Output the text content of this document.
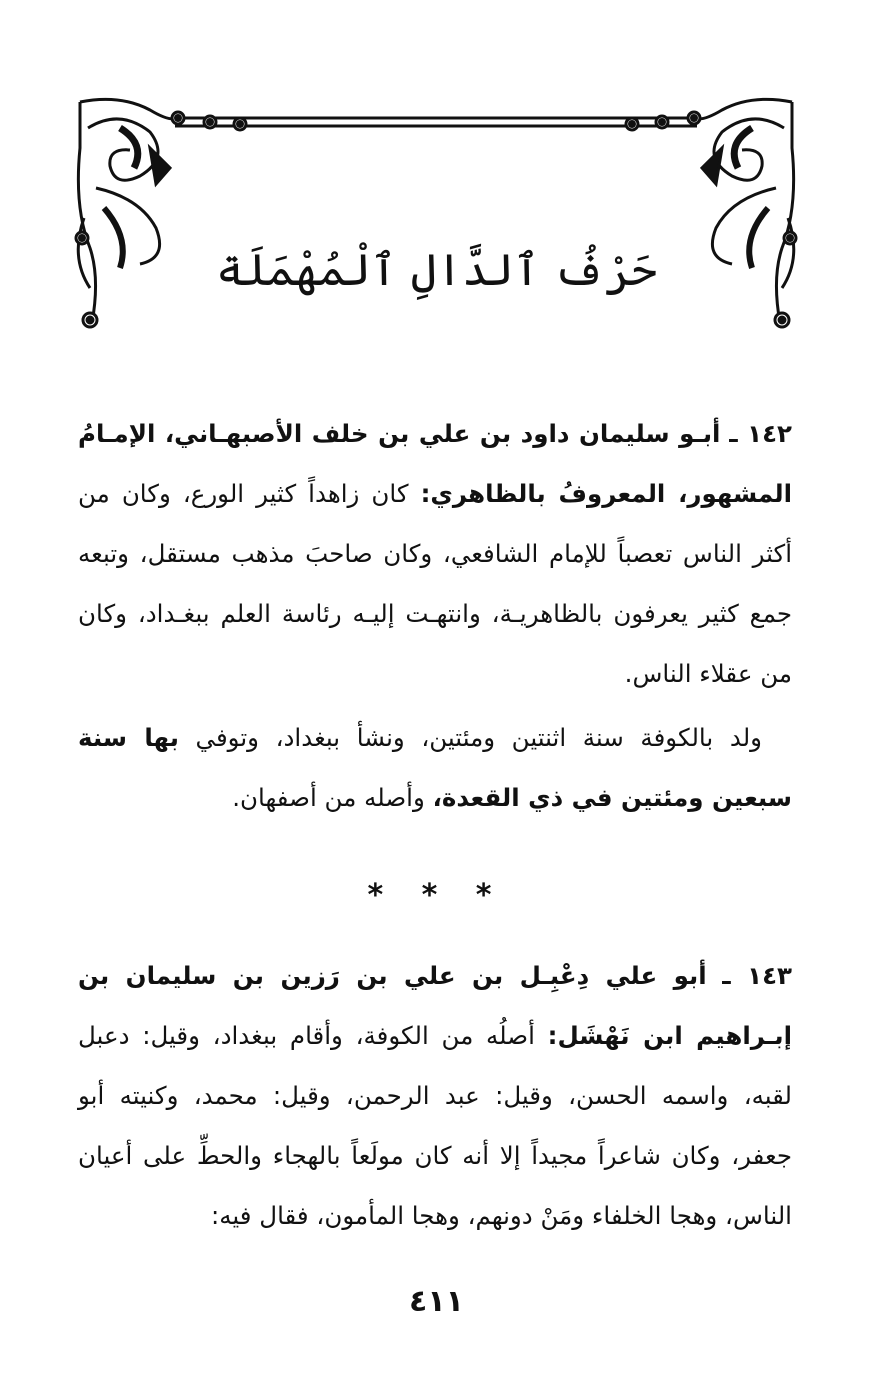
حَرْفُ ٱلدَّالِ ٱلْمُهْمَلَة

١٤٢ ـ أبـو سليمان داود بن علي بن خلف الأصبهـاني، الإمـامُ المشهور، المعروفُ بالظاهري: كان زاهداً كثير الورع، وكان من أكثر الناس تعصباً للإمام الشافعي، وكان صاحبَ مذهب مستقل، وتبعه جمع كثير يعرفون بالظاهريـة، وانتهـت إليـه رئاسة العلم ببغـداد، وكان من عقلاء الناس.

ولد بالكوفة سنة اثنتين ومئتين، ونشأ ببغداد، وتوفي بها سنة سبعين ومئتين في ذي القعدة، وأصله من أصفهان.

* * *

١٤٣ ـ أبو علي دِعْبِـل بن علي بن رَزين بن سليمان بن إبـراهيم ابن نَهْشَل: أصلُه من الكوفة، وأقام ببغداد، وقيل: دعبل لقبه، واسمه الحسن، وقيل: عبد الرحمن، وقيل: محمد، وكنيته أبو جعفر، وكان شاعراً مجيداً إلا أنه كان مولَعاً بالهجاء والحطِّ على أعيان الناس، وهجا الخلفاء ومَنْ دونهم، وهجا المأمون، فقال فيه:

٤١١
